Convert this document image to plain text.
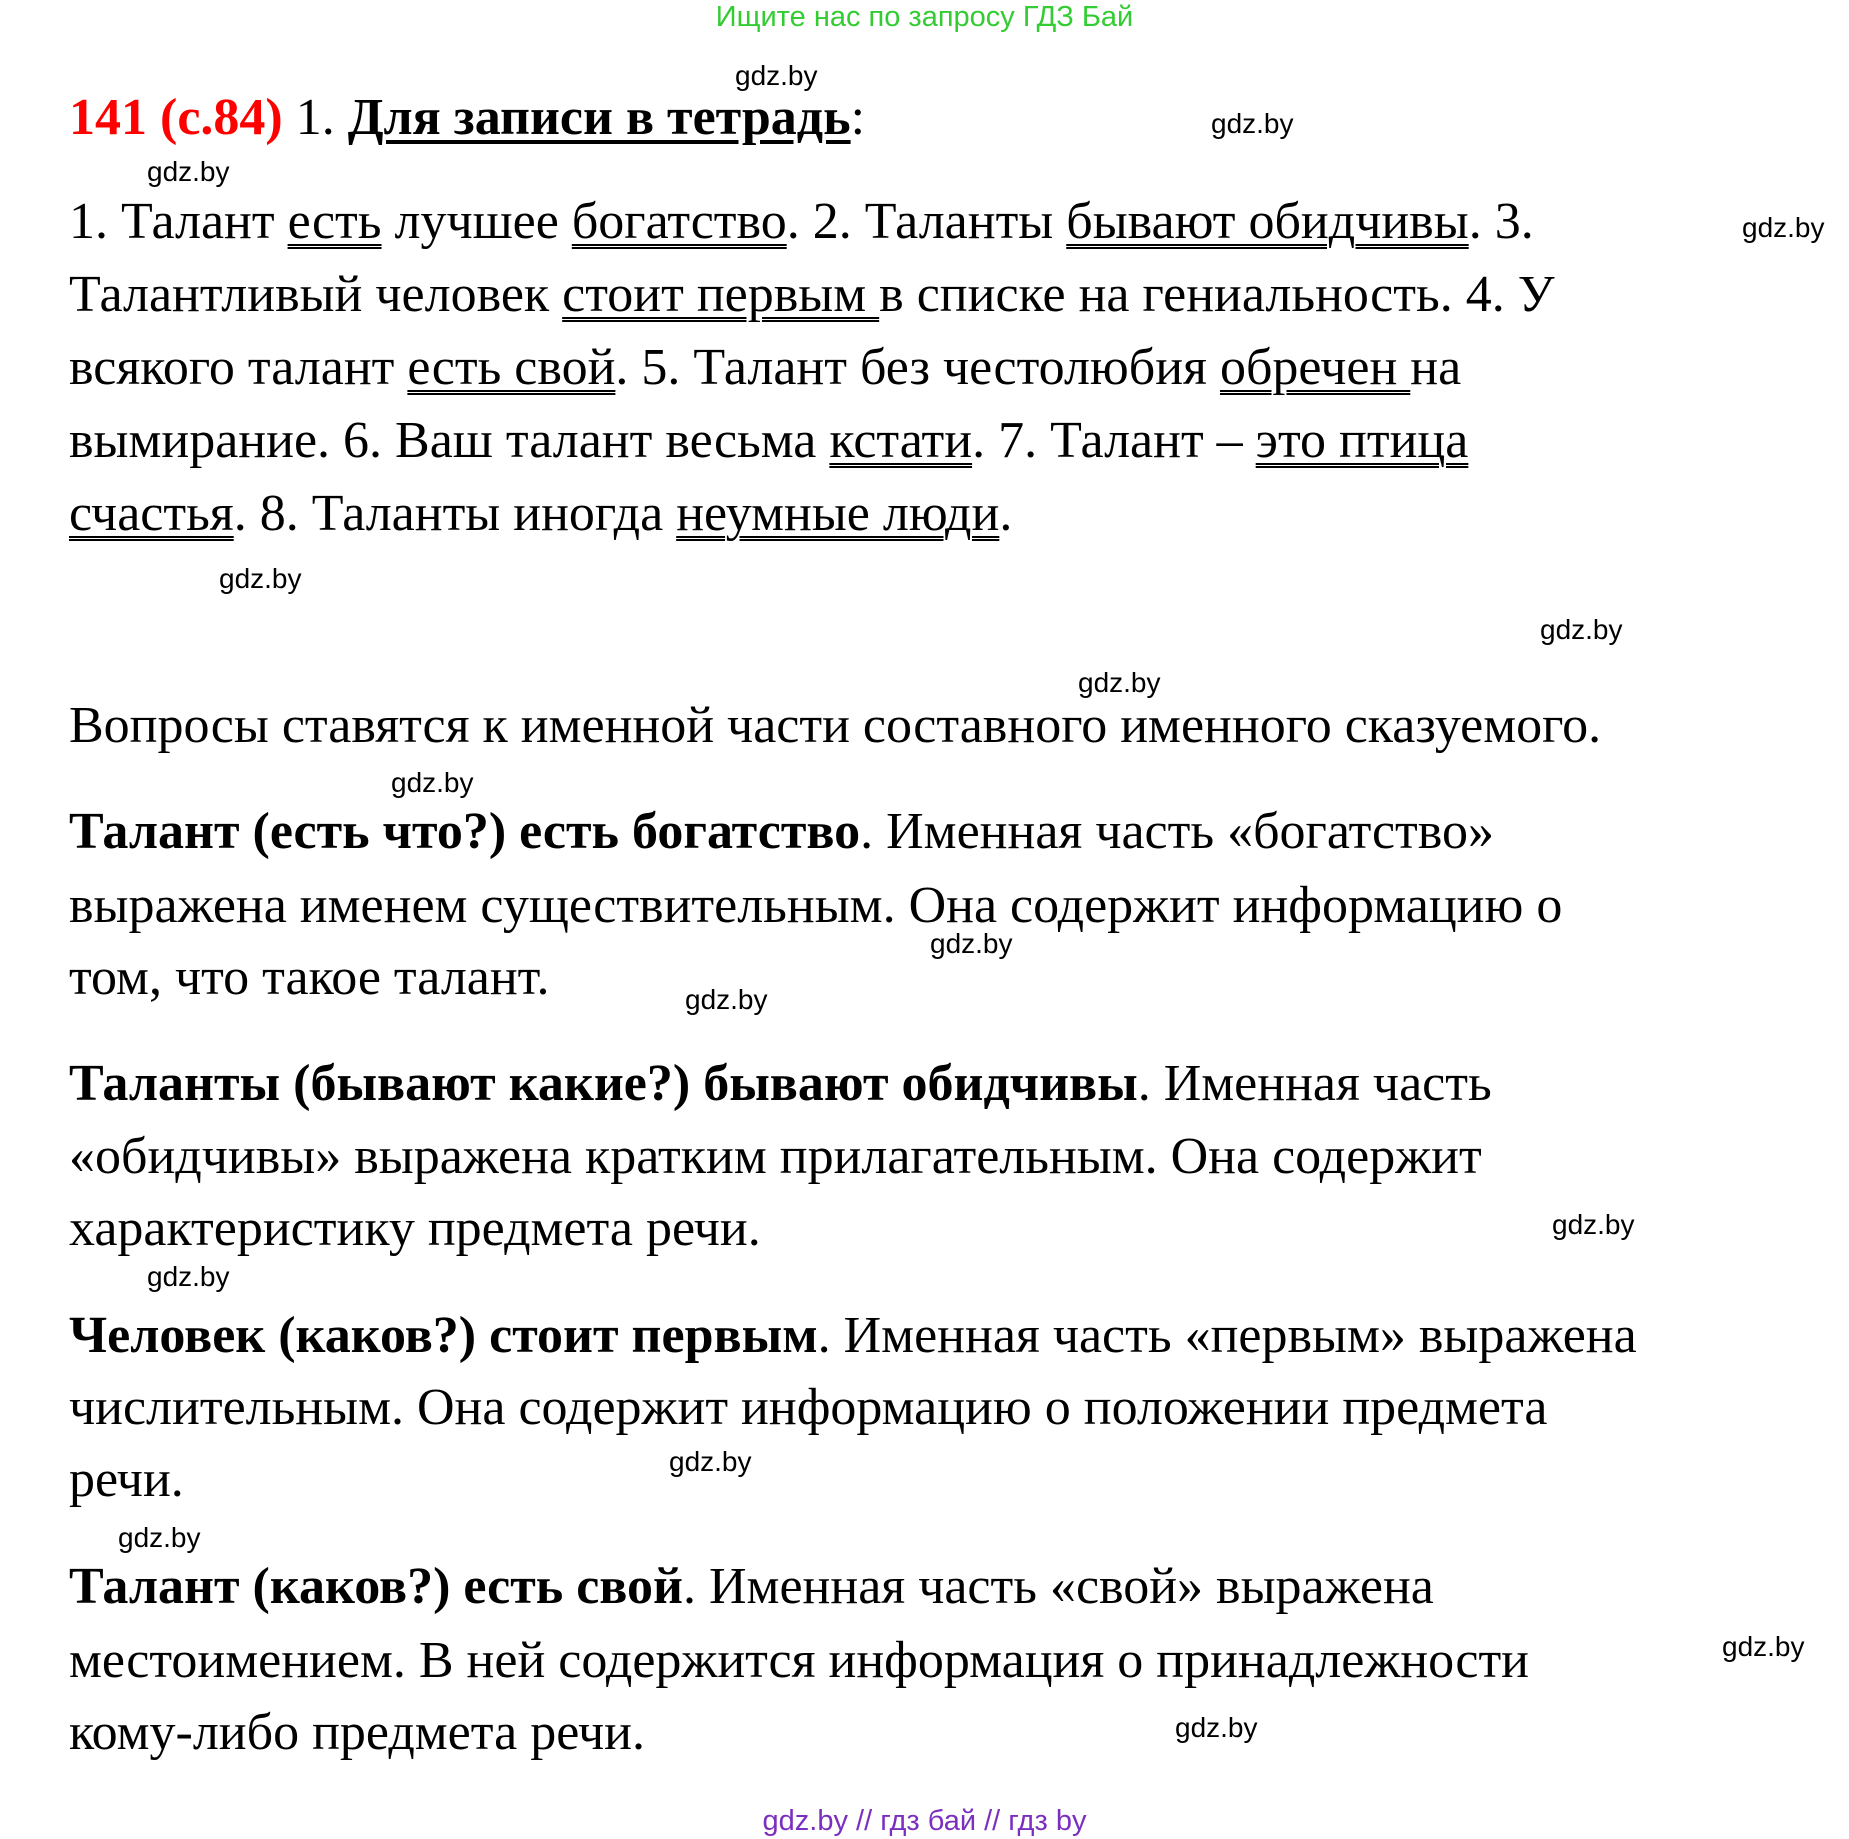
Ищите нас по запросу ГДЗ Бай
141 (с.84) 1. Для записи в тетрадь:
1. Талант есть лучшее богатство. 2. Таланты бывают обидчивы. 3.
Талантливый человек стоит первым в списке на гениальность. 4. У
всякого талант есть свой. 5. Талант без честолюбия обречен на
вымирание. 6. Ваш талант весьма кстати. 7. Талант – это птица
счастья. 8. Таланты иногда неумные люди.
Вопросы ставятся к именной части составного именного сказуемого.
Талант (есть что?) есть богатство. Именная часть «богатство»
выражена именем существительным. Она содержит информацию о
том, что такое талант.
Таланты (бывают какие?) бывают обидчивы. Именная часть
«обидчивы» выражена кратким прилагательным. Она содержит
характеристику предмета речи.
Человек (каков?) стоит первым. Именная часть «первым» выражена
числительным. Она содержит информацию о положении предмета
речи.
Талант (каков?) есть свой. Именная часть «свой» выражена
местоимением. В ней содержится информация о принадлежности
кому-либо предмета речи.
gdz.by
gdz.by
gdz.by
gdz.by
gdz.by
gdz.by
gdz.by
gdz.by
gdz.by
gdz.by
gdz.by
gdz.by
gdz.by
gdz.by
gdz.by
gdz.by
gdz.by // гдз бай // гдз by
